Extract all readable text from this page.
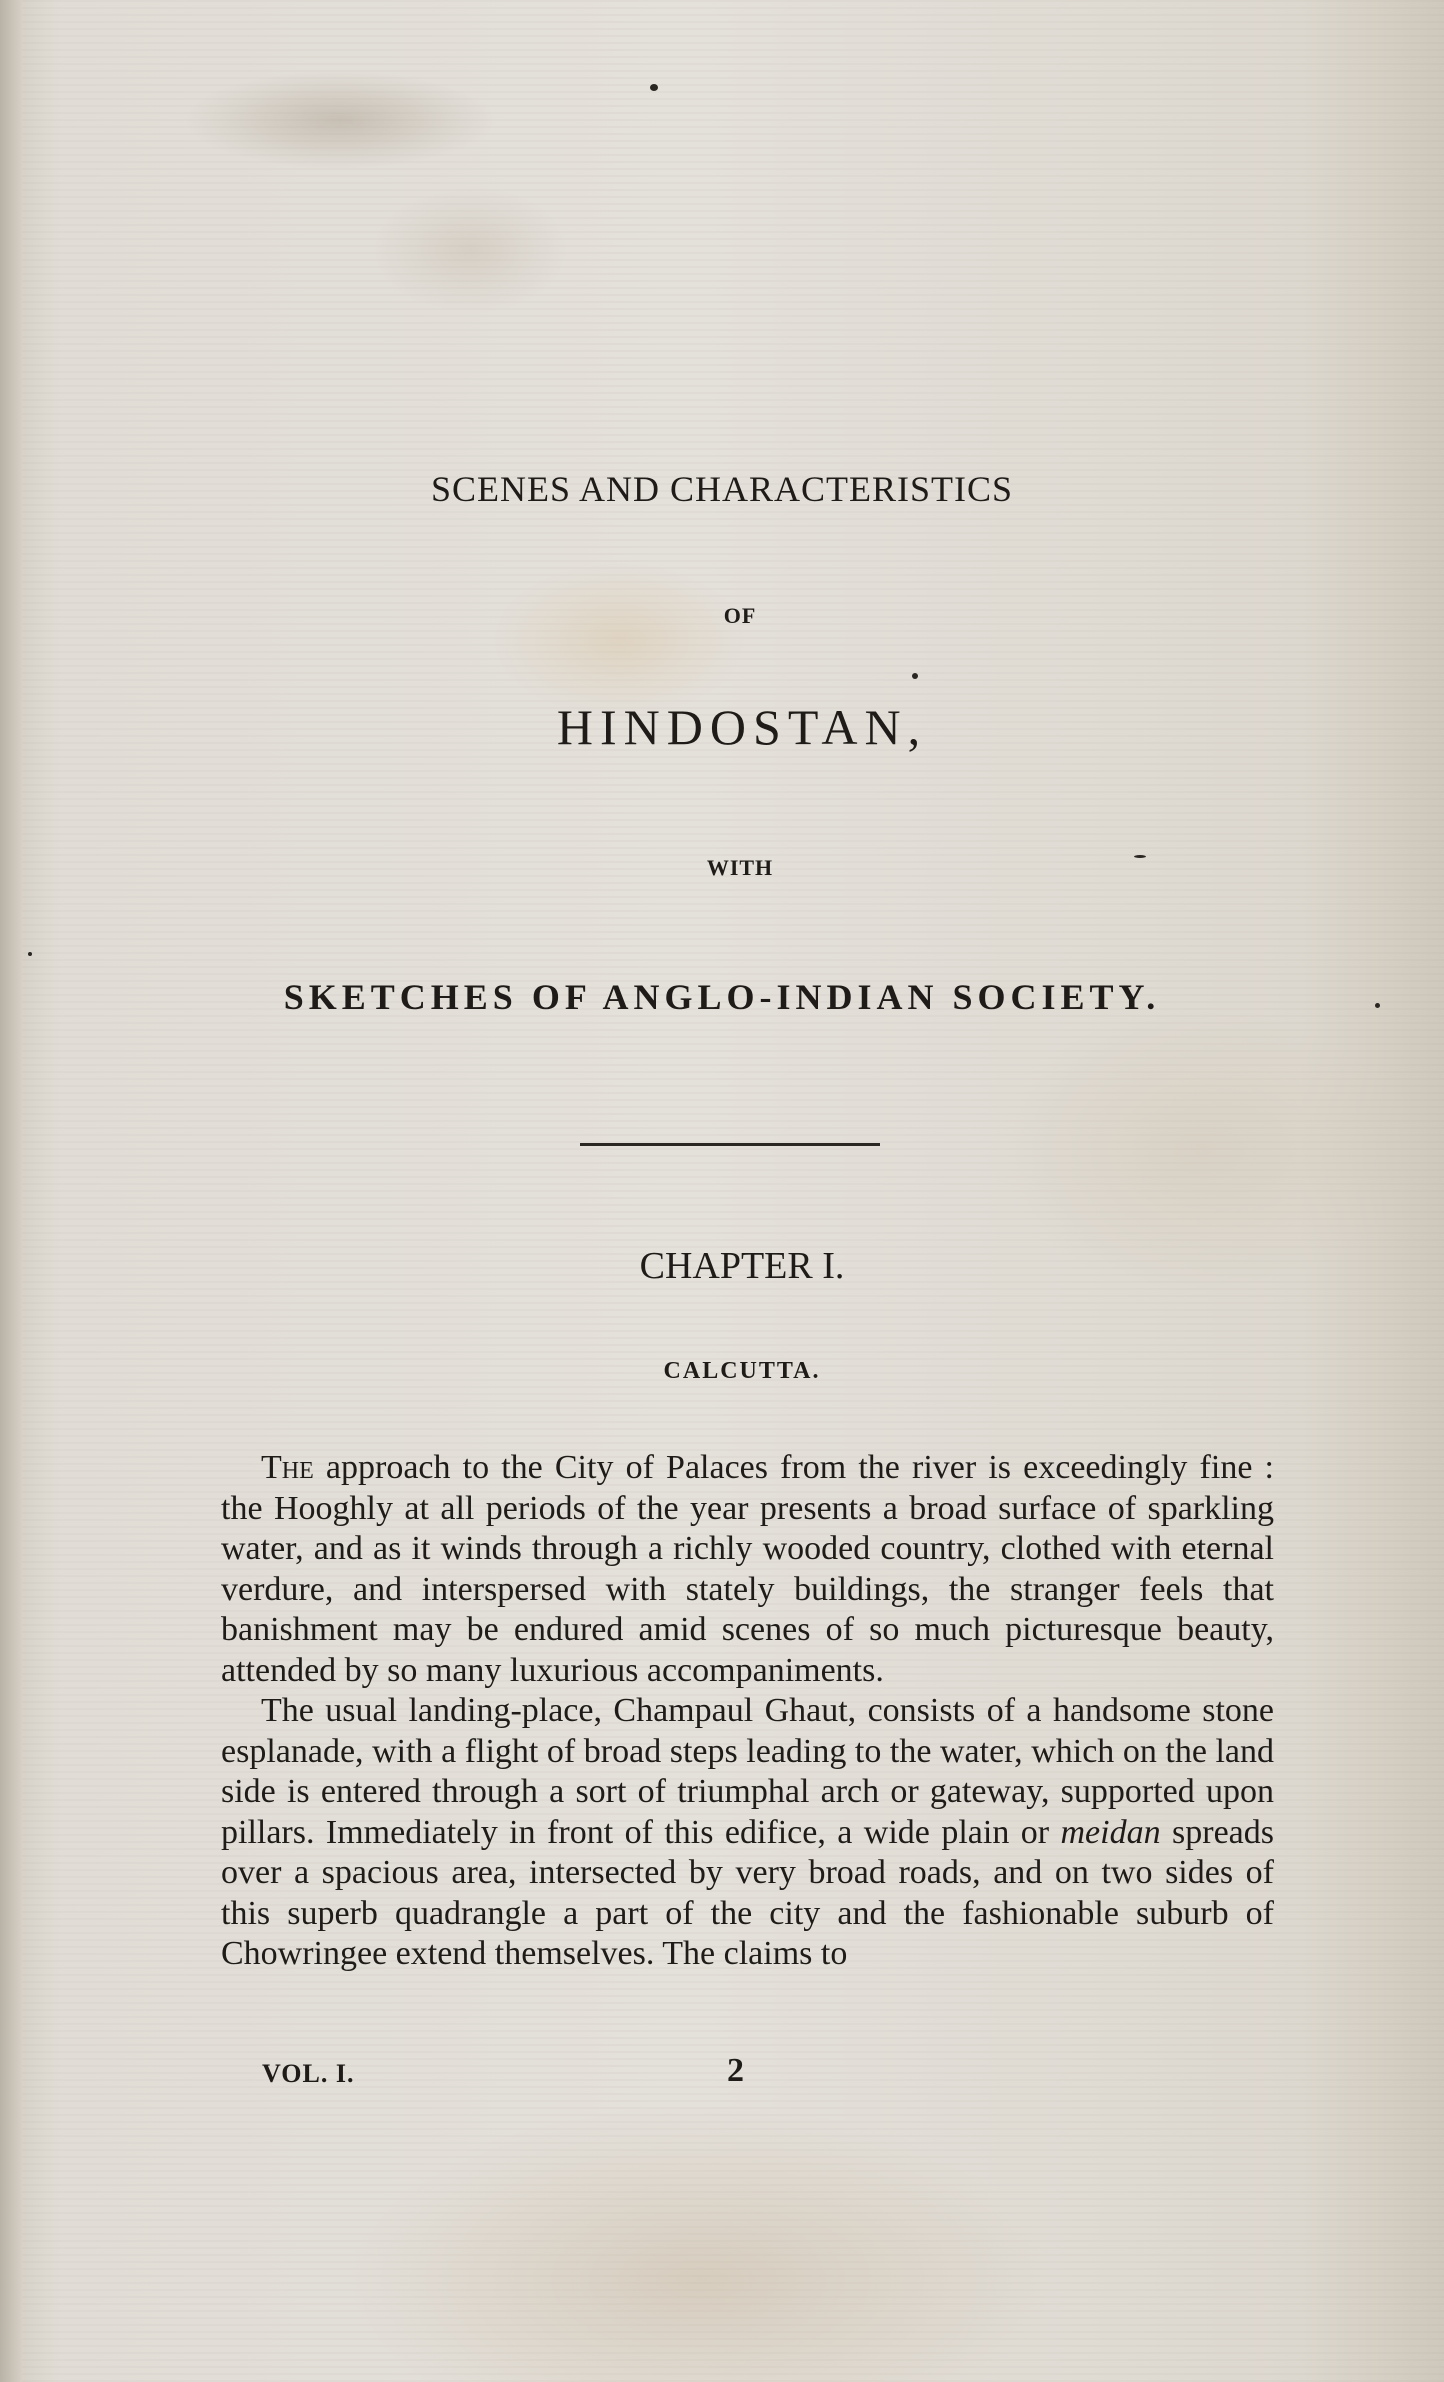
SCENES AND CHARACTERISTICS
OF
HINDOSTAN,
WITH
SKETCHES OF ANGLO-INDIAN SOCIETY.
CHAPTER I.
CALCUTTA.

The approach to the City of Palaces from the river is exceedingly fine : the Hooghly at all periods of the year presents a broad surface of sparkling water, and as it winds through a richly wooded country, clothed with eternal verdure, and interspersed with stately buildings, the stranger feels that banishment may be endured amid scenes of so much picturesque beauty, attended by so many luxurious accompaniments.

The usual landing-place, Champaul Ghaut, consists of a handsome stone esplanade, with a flight of broad steps leading to the water, which on the land side is entered through a sort of triumphal arch or gateway, supported upon pillars. Immediately in front of this edifice, a wide plain or meidan spreads over a spacious area, intersected by very broad roads, and on two sides of this superb quadrangle a part of the city and the fashionable suburb of Chowringee extend themselves. The claims to

VOL. I.	2
